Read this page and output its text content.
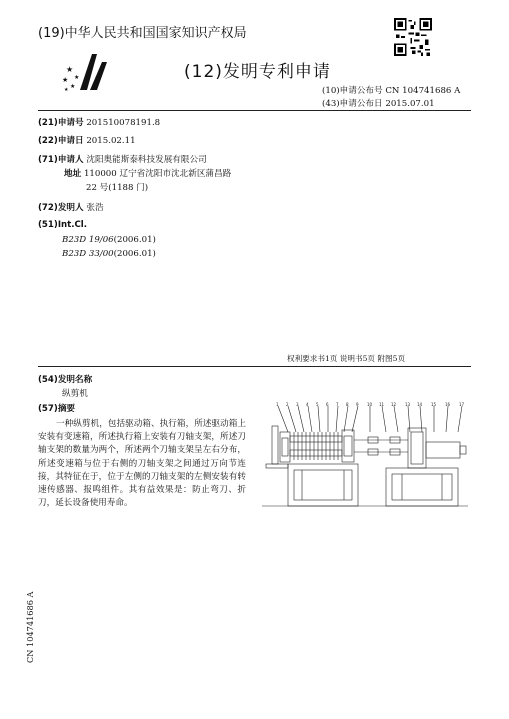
(19)中华人民共和国国家知识产权局
★
★
★
★
★
(12)发明专利申请
(10)申请公布号 CN 104741686 A
(43)申请公布日 2015.07.01
(21)申请号 201510078191.8
(22)申请日 2015.02.11
(71)申请人 沈阳奥能斯泰科技发展有限公司
地址 110000 辽宁省沈阳市沈北新区蒲昌路
22 号(1188 门)
(72)发明人 张浩
(51)Int.Cl.
B23D 19/06(2006.01)
B23D 33/00(2006.01)
权利要求书1页 说明书5页 附图5页
(54)发明名称
纵剪机
(57)摘要
一种纵剪机，包括驱动箱、执行箱，所述驱动箱上安装有变速箱，所述执行箱上安装有刀轴支架，所述刀轴支架的数量为两个，所述两个刀轴支架呈左右分布，所述变速箱与位于右侧的刀轴支架之间通过万向节连接，其特征在于，位于左侧的刀轴支架的左侧安装有转速传感器、报鸣组件。其有益效果是：防止弯刀、折刀，延长设备使用寿命。
1 2 3 4 5 6 7 8 9 10 11 12 13 14 15 16 17
CN 104741686 A
